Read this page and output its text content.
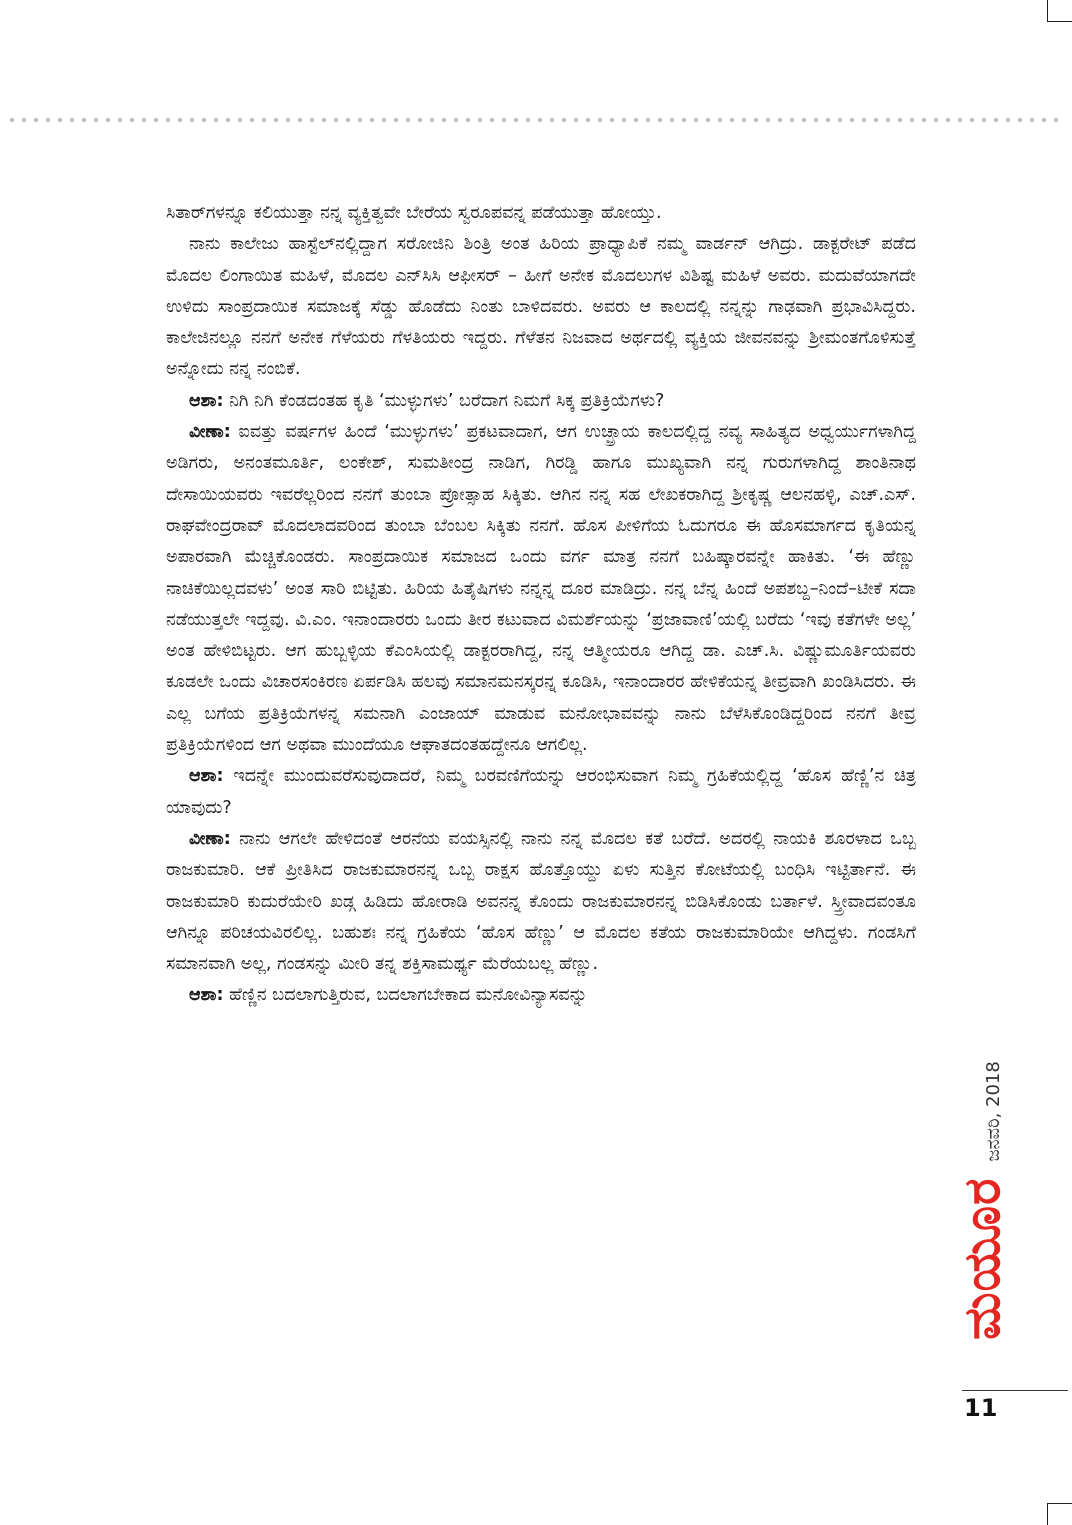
ಸಿತಾರ್‌ಗಳನ್ನೂ ಕಲಿಯುತ್ತಾ ನನ್ನ ವ್ಯಕ್ತಿತ್ವವೇ ಬೇರೆಯ ಸ್ವರೂಪವನ್ನ ಪಡೆಯುತ್ತಾ ಹೋಯ್ತು.

ನಾನು ಕಾಲೇಜು ಹಾಸ್ಟೆಲ್‌ನಲ್ಲಿದ್ದಾಗ ಸರೋಜಿನಿ ಶಿಂತ್ರಿ ಅಂತ ಹಿರಿಯ ಪ್ರಾಧ್ಯಾಪಿಕೆ ನಮ್ಮ ವಾರ್ಡನ್ ಆಗಿದ್ರು. ಡಾಕ್ಟರೇಟ್ ಪಡೆದ ಮೊದಲ ಲಿಂಗಾಯಿತ ಮಹಿಳೆ, ಮೊದಲ ಎನ್‌ಸಿಸಿ ಆಫೀಸರ್ – ಹೀಗೆ ಅನೇಕ ಮೊದಲುಗಳ ವಿಶಿಷ್ಟ ಮಹಿಳೆ ಅವರು. ಮದುವೆಯಾಗದೇ ಉಳಿದು ಸಾಂಪ್ರದಾಯಿಕ ಸಮಾಜಕ್ಕೆ ಸೆಡ್ಡು ಹೊಡೆದು ನಿಂತು ಬಾಳಿದವರು. ಅವರು ಆ ಕಾಲದಲ್ಲಿ ನನ್ನನ್ನು ಗಾಢವಾಗಿ ಪ್ರಭಾವಿಸಿದ್ದರು. ಕಾಲೇಜಿನಲ್ಲೂ ನನಗೆ ಅನೇಕ ಗೆಳೆಯರು ಗೆಳತಿಯರು ಇದ್ದರು. ಗೆಳೆತನ ನಿಜವಾದ ಅರ್ಥದಲ್ಲಿ ವ್ಯಕ್ತಿಯ ಜೀವನವನ್ನು ಶ್ರೀಮಂತಗೊಳಿಸುತ್ತೆ ಅನ್ನೋದು ನನ್ನ ನಂಬಿಕೆ.

ಆಶಾ: ನಿಗಿ ನಿಗಿ ಕೆಂಡದಂತಹ ಕೃತಿ ‘ಮುಳ್ಳುಗಳು’ ಬರೆದಾಗ ನಿಮಗೆ ಸಿಕ್ಕ ಪ್ರತಿಕ್ರಿಯೆಗಳು?

ವೀಣಾ: ಐವತ್ತು ವರ್ಷಗಳ ಹಿಂದೆ ‘ಮುಳ್ಳುಗಳು’ ಪ್ರಕಟವಾದಾಗ, ಆಗ ಉಚ್ಛ್ರಾಯ ಕಾಲದಲ್ಲಿದ್ದ ನವ್ಯ ಸಾಹಿತ್ಯದ ಅಧ್ವರ್ಯುಗಳಾಗಿದ್ದ ಅಡಿಗರು, ಅನಂತಮೂರ್ತಿ, ಲಂಕೇಶ್, ಸುಮತೀಂದ್ರ ನಾಡಿಗ, ಗಿರಡ್ಡಿ ಹಾಗೂ ಮುಖ್ಯವಾಗಿ ನನ್ನ ಗುರುಗಳಾಗಿದ್ದ ಶಾಂತಿನಾಥ ದೇಸಾಯಿಯವರು ಇವರೆಲ್ಲರಿಂದ ನನಗೆ ತುಂಬಾ ಪ್ರೋತ್ಸಾಹ ಸಿಕ್ಕಿತು. ಆಗಿನ ನನ್ನ ಸಹ ಲೇಖಕರಾಗಿದ್ದ ಶ್ರೀಕೃಷ್ಣ ಆಲನಹಳ್ಳಿ, ಎಚ್.ಎಸ್. ರಾಘವೇಂದ್ರರಾವ್ ಮೊದಲಾದವರಿಂದ ತುಂಬಾ ಬೆಂಬಲ ಸಿಕ್ಕಿತು ನನಗೆ. ಹೊಸ ಪೀಳಿಗೆಯ ಓದುಗರೂ ಈ ಹೊಸಮಾರ್ಗದ ಕೃತಿಯನ್ನ ಅಪಾರವಾಗಿ ಮೆಚ್ಚಿಕೊಂಡರು. ಸಾಂಪ್ರದಾಯಿಕ ಸಮಾಜದ ಒಂದು ವರ್ಗ ಮಾತ್ರ ನನಗೆ ಬಹಿಷ್ಕಾರವನ್ನೇ ಹಾಕಿತು. ‘ಈ ಹೆಣ್ಣು ನಾಚಿಕೆಯಿಲ್ಲದವಳು’ ಅಂತ ಸಾರಿ ಬಿಟ್ಟಿತು. ಹಿರಿಯ ಹಿತೈಷಿಗಳು ನನ್ನನ್ನ ದೂರ ಮಾಡಿದ್ರು. ನನ್ನ ಬೆನ್ನ ಹಿಂದೆ ಅಪಶಬ್ದ–ನಿಂದೆ–ಟೀಕೆ ಸದಾ ನಡೆಯುತ್ತಲೇ ಇದ್ದವು. ವಿ.ಎಂ. ಇನಾಂದಾರರು ಒಂದು ತೀರ ಕಟುವಾದ ವಿಮರ್ಶೆಯನ್ನು ‘ಪ್ರಜಾವಾಣಿ’ಯಲ್ಲಿ ಬರೆದು ‘ಇವು ಕತೆಗಳೇ ಅಲ್ಲ’ ಅಂತ ಹೇಳಿಬಿಟ್ಟರು. ಆಗ ಹುಬ್ಬಳ್ಳಿಯ ಕೆಎಂಸಿಯಲ್ಲಿ ಡಾಕ್ಟರರಾಗಿದ್ದ, ನನ್ನ ಆತ್ಮೀಯರೂ ಆಗಿದ್ದ ಡಾ. ಎಚ್.ಸಿ. ವಿಷ್ಣುಮೂರ್ತಿಯವರು ಕೂಡಲೇ ಒಂದು ವಿಚಾರಸಂಕಿರಣ ಏರ್ಪಡಿಸಿ ಹಲವು ಸಮಾನಮನಸ್ಕರನ್ನ ಕೂಡಿಸಿ, ಇನಾಂದಾರರ ಹೇಳಿಕೆಯನ್ನ ತೀವ್ರವಾಗಿ ಖಂಡಿಸಿದರು. ಈ ಎಲ್ಲ ಬಗೆಯ ಪ್ರತಿಕ್ರಿಯೆಗಳನ್ನ ಸಮನಾಗಿ ಎಂಜಾಯ್ ಮಾಡುವ ಮನೋಭಾವವನ್ನು ನಾನು ಬೆಳೆಸಿಕೊಂಡಿದ್ದರಿಂದ ನನಗೆ ತೀವ್ರ ಪ್ರತಿಕ್ರಿಯೆಗಳಿಂದ ಆಗ ಅಥವಾ ಮುಂದೆಯೂ ಆಘಾತದಂತಹದ್ದೇನೂ ಆಗಲಿಲ್ಲ.

ಆಶಾ: ಇದನ್ನೇ ಮುಂದುವರೆಸುವುದಾದರೆ, ನಿಮ್ಮ ಬರವಣಿಗೆಯನ್ನು ಆರಂಭಿಸುವಾಗ ನಿಮ್ಮ ಗ್ರಹಿಕೆಯಲ್ಲಿದ್ದ ‘ಹೊಸ ಹೆಣ್ಣಿ’ನ ಚಿತ್ರ ಯಾವುದು?

ವೀಣಾ: ನಾನು ಆಗಲೇ ಹೇಳಿದಂತೆ ಆರನೆಯ ವಯಸ್ಸಿನಲ್ಲಿ ನಾನು ನನ್ನ ಮೊದಲ ಕತೆ ಬರೆದೆ. ಅದರಲ್ಲಿ ನಾಯಕಿ ಶೂರಳಾದ ಒಬ್ಬ ರಾಜಕುಮಾರಿ. ಆಕೆ ಪ್ರೀತಿಸಿದ ರಾಜಕುಮಾರನನ್ನ ಒಬ್ಬ ರಾಕ್ಷಸ ಹೊತ್ತೊಯ್ದು ಏಳು ಸುತ್ತಿನ ಕೋಟೆಯಲ್ಲಿ ಬಂಧಿಸಿ ಇಟ್ಟಿರ್ತಾನೆ. ಈ ರಾಜಕುಮಾರಿ ಕುದುರೆಯೇರಿ ಖಡ್ಗ ಹಿಡಿದು ಹೋರಾಡಿ ಅವನನ್ನ ಕೊಂದು ರಾಜಕುಮಾರನನ್ನ ಬಿಡಿಸಿಕೊಂಡು ಬರ್ತಾಳೆ. ಸ್ತ್ರೀವಾದವಂತೂ ಆಗಿನ್ನೂ ಪರಿಚಯವಿರಲಿಲ್ಲ. ಬಹುಶಃ ನನ್ನ ಗ್ರಹಿಕೆಯ ‘ಹೊಸ ಹೆಣ್ಣು’ ಆ ಮೊದಲ ಕತೆಯ ರಾಜಕುಮಾರಿಯೇ ಆಗಿದ್ದಳು. ಗಂಡಸಿಗೆ ಸಮಾನವಾಗಿ ಅಲ್ಲ, ಗಂಡಸನ್ನು ಮೀರಿ ತನ್ನ ಶಕ್ತಿಸಾಮರ್ಥ್ಯ ಮೆರೆಯಬಲ್ಲ ಹೆಣ್ಣು.

ಆಶಾ: ಹೆಣ್ಣಿನ ಬದಲಾಗುತ್ತಿರುವ, ಬದಲಾಗಬೇಕಾದ ಮನೋವಿನ್ಯಾಸವನ್ನು

ಮಯೂರ
ಜನವರಿ, 2018
11
